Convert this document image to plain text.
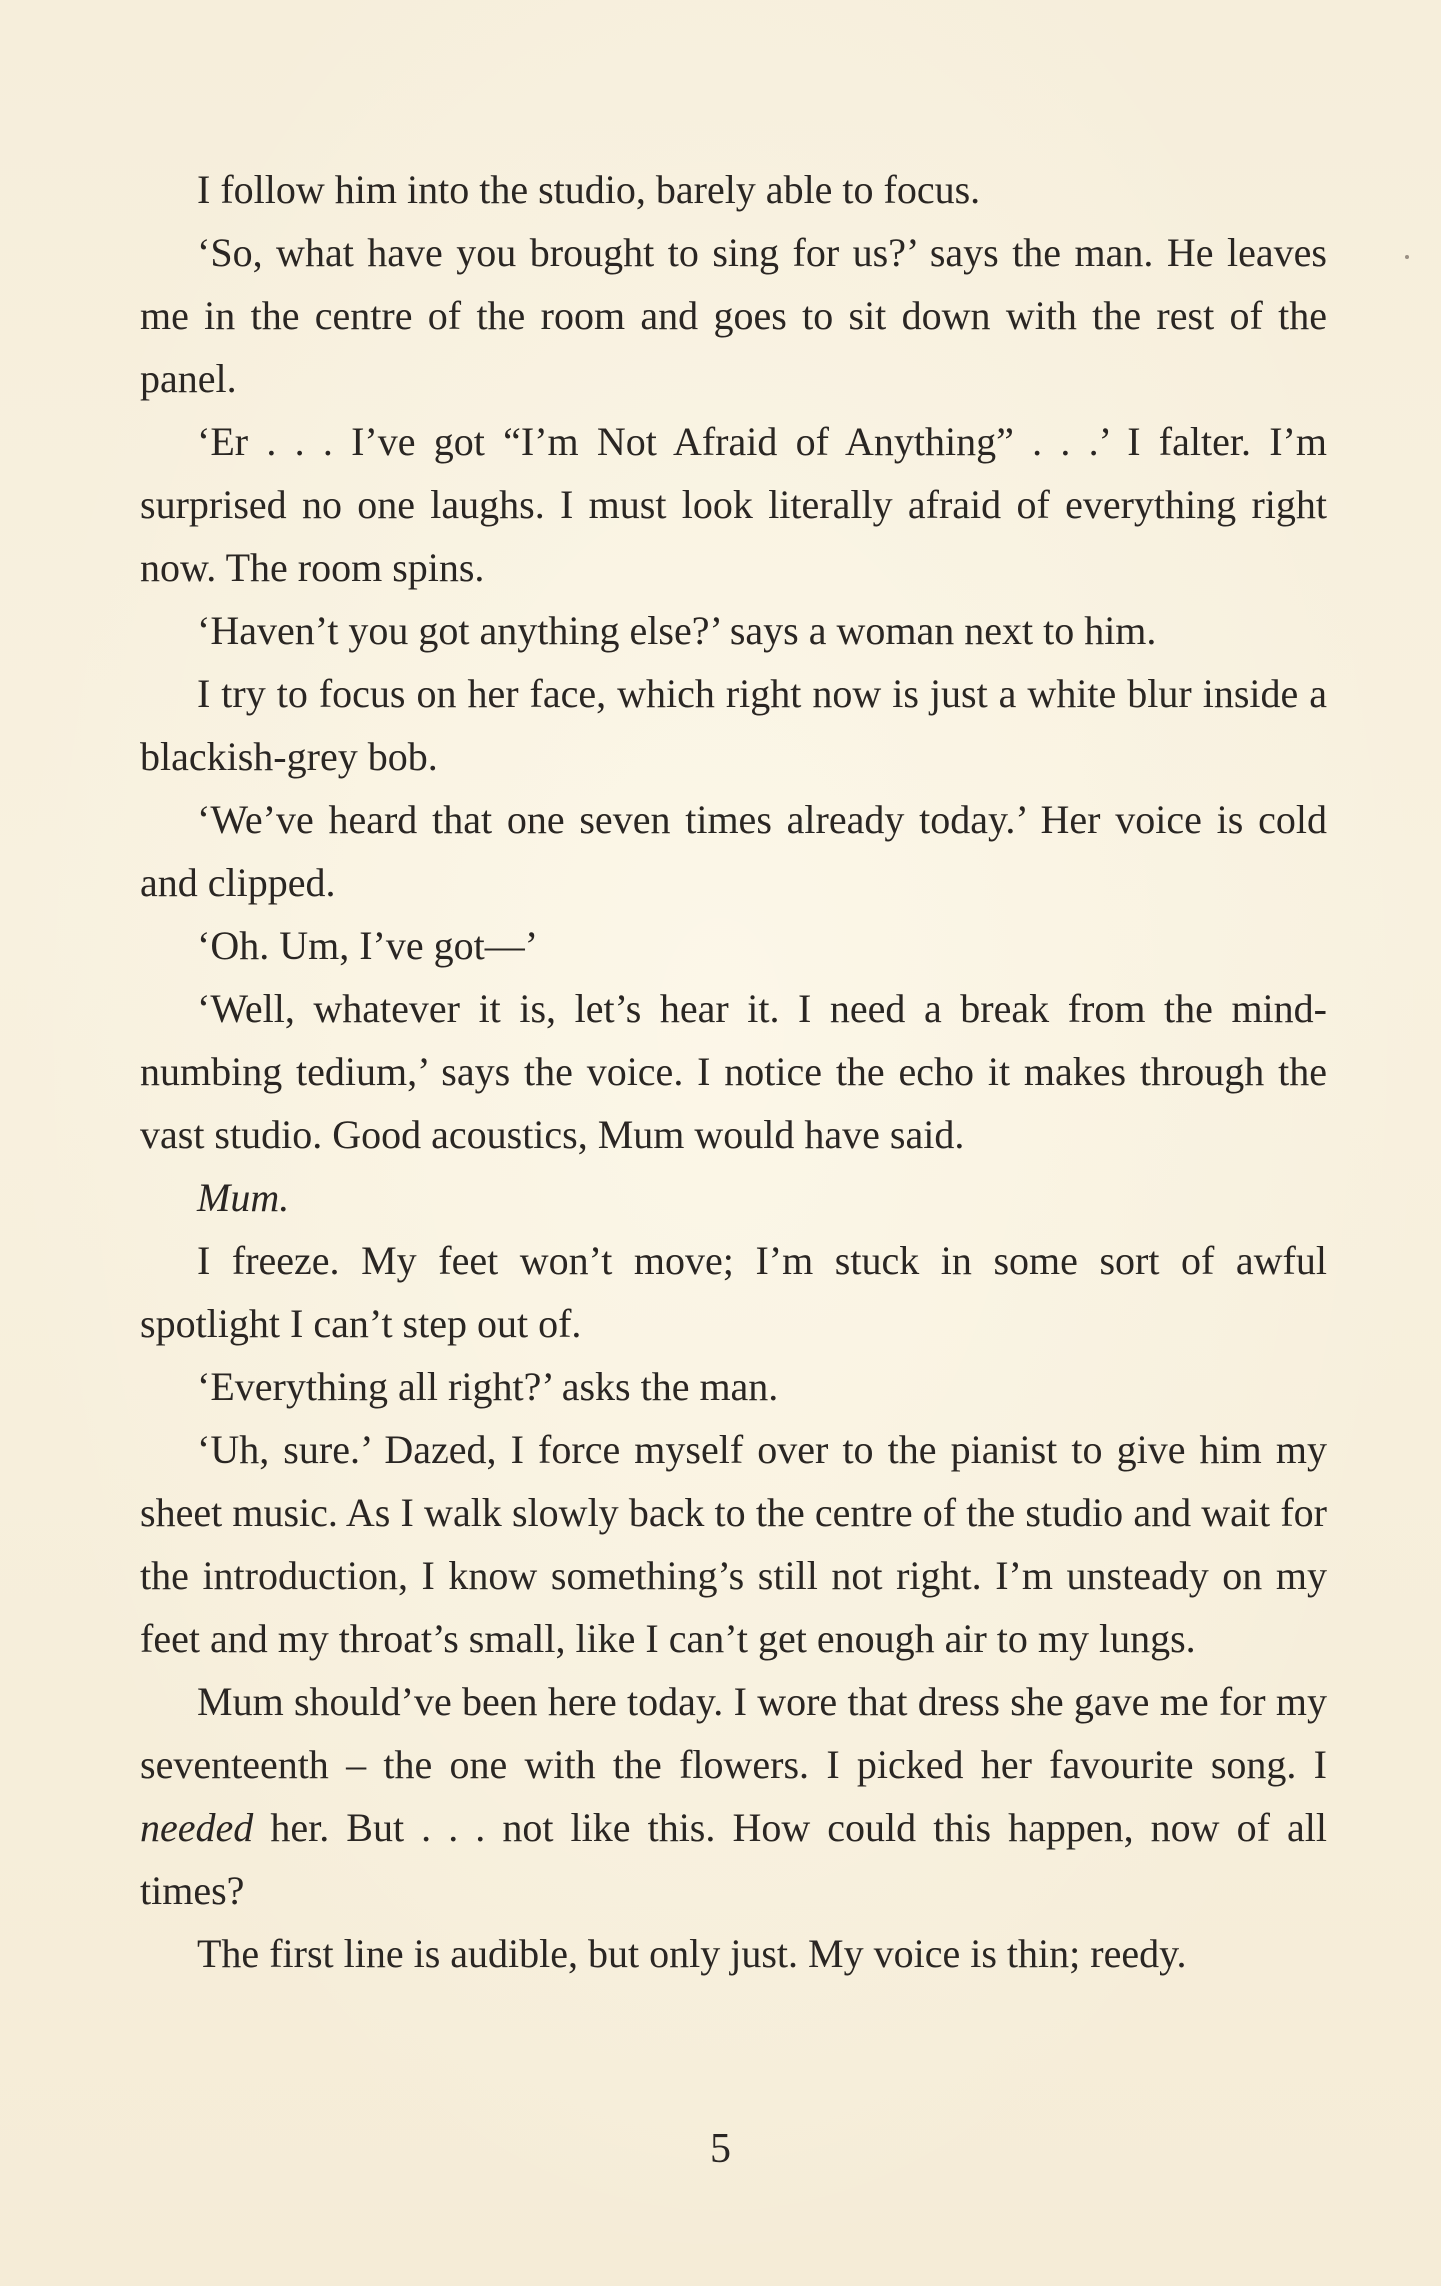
I follow him into the studio, barely able to focus.

‘So, what have you brought to sing for us?’ says the man. He leaves me in the centre of the room and goes to sit down with the rest of the panel.

‘Er . . . I’ve got “I’m Not Afraid of Anything” . . .’ I falter. I’m surprised no one laughs. I must look literally afraid of everything right now. The room spins.

‘Haven’t you got anything else?’ says a woman next to him.

I try to focus on her face, which right now is just a white blur inside a blackish-grey bob.

‘We’ve heard that one seven times already today.’ Her voice is cold and clipped.

‘Oh. Um, I’ve got—’

‘Well, whatever it is, let’s hear it. I need a break from the mind-numbing tedium,’ says the voice. I notice the echo it makes through the vast studio. Good acoustics, Mum would have said.

Mum.

I freeze. My feet won’t move; I’m stuck in some sort of awful spotlight I can’t step out of.

‘Everything all right?’ asks the man.

‘Uh, sure.’ Dazed, I force myself over to the pianist to give him my sheet music. As I walk slowly back to the centre of the studio and wait for the introduction, I know something’s still not right. I’m unsteady on my feet and my throat’s small, like I can’t get enough air to my lungs.

Mum should’ve been here today. I wore that dress she gave me for my seventeenth – the one with the flowers. I picked her favourite song. I needed her. But . . . not like this. How could this happen, now of all times?

The first line is audible, but only just. My voice is thin; reedy.

5
